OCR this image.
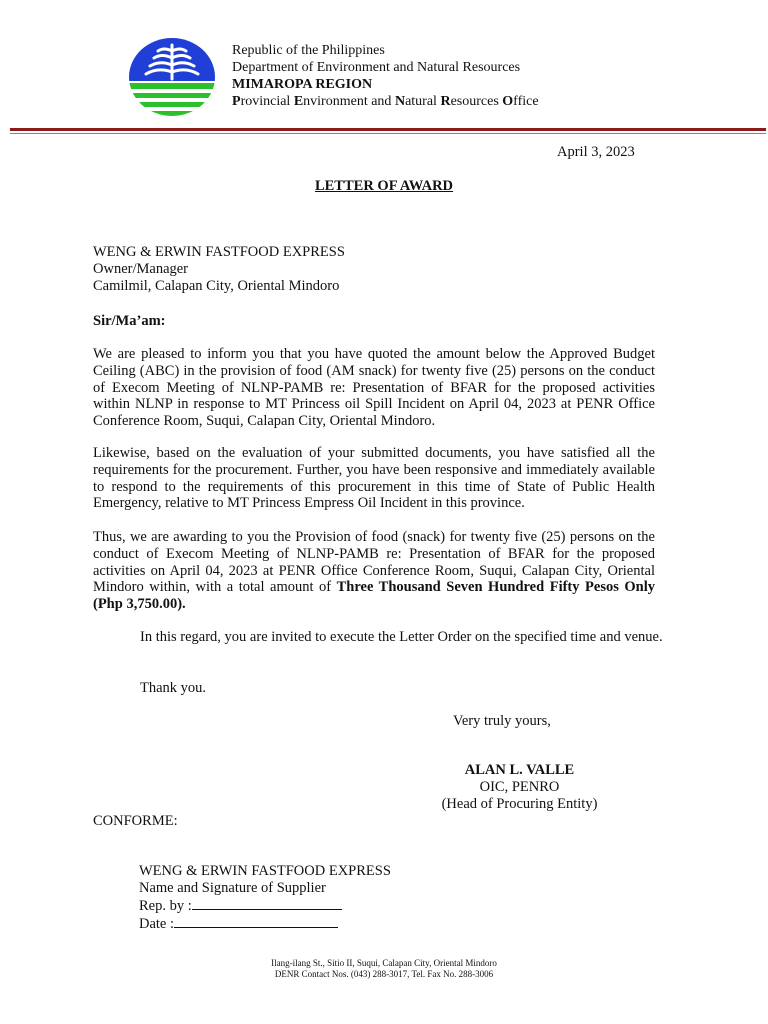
Republic of the Philippines
Department of Environment and Natural Resources
MIMAROPA REGION
Provincial Environment and Natural Resources Office
April 3, 2023
LETTER OF AWARD
WENG & ERWIN FASTFOOD EXPRESS
Owner/Manager
Camilmil, Calapan City, Oriental Mindoro
Sir/Ma’am:
We are pleased to inform you that you have quoted the amount below the Approved Budget Ceiling (ABC) in the provision of food (AM snack) for twenty five (25) persons on the conduct of Execom Meeting of NLNP-PAMB re: Presentation of BFAR for the proposed activities within NLNP in response to MT Princess oil Spill Incident on April 04, 2023 at PENR Office Conference Room, Suqui, Calapan City, Oriental Mindoro.
Likewise, based on the evaluation of your submitted documents, you have satisfied all the requirements for the procurement. Further, you have been responsive and immediately available to respond to the requirements of this procurement in this time of State of Public Health Emergency, relative to MT Princess Empress Oil Incident in this province.
Thus, we are awarding to you the Provision of food (snack) for twenty five (25) persons on the conduct of Execom Meeting of NLNP-PAMB re: Presentation of BFAR for the proposed activities on April 04, 2023 at PENR Office Conference Room, Suqui, Calapan City, Oriental Mindoro within, with a total amount of Three Thousand Seven Hundred Fifty Pesos Only (Php 3,750.00).
In this regard, you are invited to execute the Letter Order on the specified time and venue.
Thank you.
Very truly yours,
ALAN L. VALLE
OIC, PENRO
(Head of Procuring Entity)
CONFORME:
WENG & ERWIN FASTFOOD EXPRESS
Name and Signature of Supplier
Rep. by :
Date :
Ilang-ilang St., Sitio II, Suqui, Calapan City, Oriental Mindoro
DENR Contact Nos. (043) 288-3017, Tel. Fax No. 288-3006
